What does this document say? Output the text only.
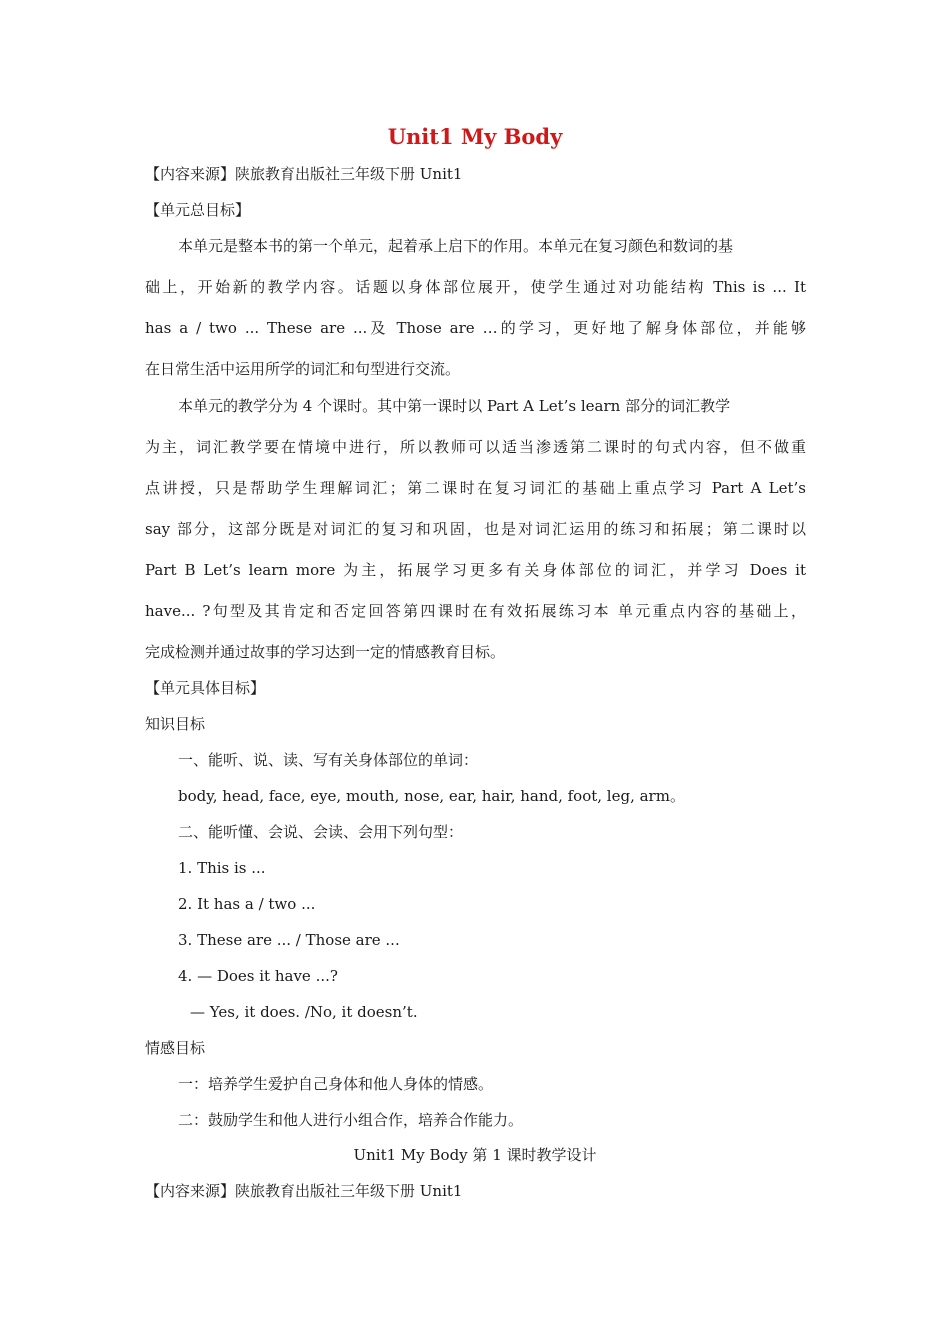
Unit1 My Body
【内容来源】陕旅教育出版社三年级下册 Unit1
【单元总目标】
本单元是整本书的第一个单元，起着承上启下的作用。本单元在复习颜色和数词的基
础上，开始新的教学内容。话题以身体部位展开，使学生通过对功能结构 This is ... It
has a / two ... These are ...及 Those are …的学习，更好地了解身体部位，并能够
在日常生活中运用所学的词汇和句型进行交流。
本单元的教学分为 4 个课时。其中第一课时以 Part A Let’s learn 部分的词汇教学
为主，词汇教学要在情境中进行，所以教师可以适当渗透第二课时的句式内容，但不做重
点讲授，只是帮助学生理解词汇；第二课时在复习词汇的基础上重点学习 Part A Let’s
say 部分，这部分既是对词汇的复习和巩固，也是对词汇运用的练习和拓展；第二课时以
Part B Let’s learn more 为主，拓展学习更多有关身体部位的词汇，并学习 Does it
have... ?句型及其肯定和否定回答第四课时在有效拓展练习本 单元重点内容的基础上，
完成检测并通过故事的学习达到一定的情感教育目标。
【单元具体目标】
知识目标
一、能听、说、读、写有关身体部位的单词：
body, head, face, eye, mouth, nose, ear, hair, hand, foot, leg, arm。
二、能听懂、会说、会读、会用下列句型：
1. This is ...
2. It has a / two ...
3. These are ... / Those are ...
4. — Does it have ...?
— Yes, it does. /No, it doesn’t.
情感目标
一：培养学生爱护自己身体和他人身体的情感。
二：鼓励学生和他人进行小组合作，培养合作能力。
Unit1 My Body 第 1 课时教学设计
【内容来源】陕旅教育出版社三年级下册 Unit1
